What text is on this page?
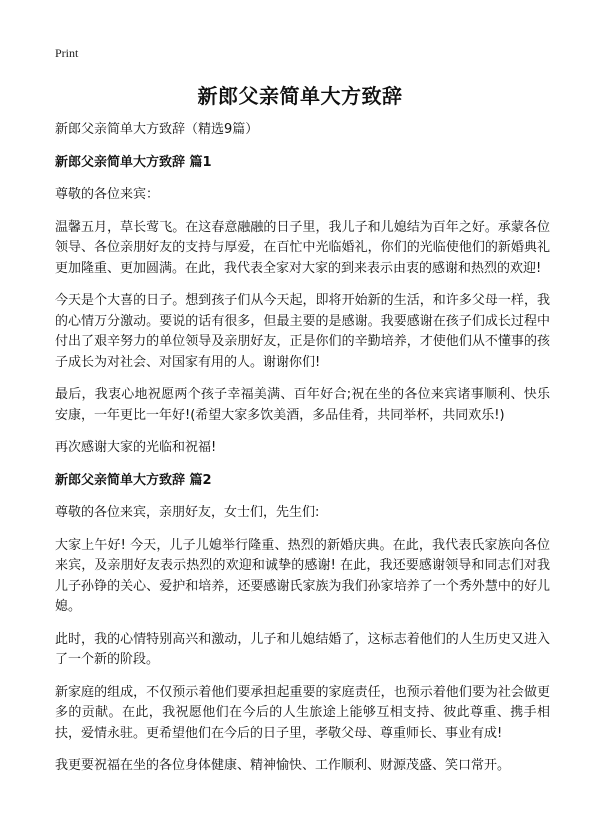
Print
新郎父亲简单大方致辞

新郎父亲简单大方致辞（精选9篇）

新郎父亲简单大方致辞 篇1

尊敬的各位来宾：

温馨五月，草长莺飞。在这春意融融的日子里，我儿子和儿媳结为百年之好。承蒙各位领导、各位亲朋好友的支持与厚爱，在百忙中光临婚礼，你们的光临使他们的新婚典礼更加隆重、更加圆满。在此，我代表全家对大家的到来表示由衷的感谢和热烈的欢迎!

今天是个大喜的日子。想到孩子们从今天起，即将开始新的生活，和许多父母一样，我的心情万分激动。要说的话有很多，但最主要的是感谢。我要感谢在孩子们成长过程中付出了艰辛努力的单位领导及亲朋好友，正是你们的辛勤培养，才使他们从不懂事的孩子成长为对社会、对国家有用的人。谢谢你们!

最后，我衷心地祝愿两个孩子幸福美满、百年好合;祝在坐的各位来宾诸事顺利、快乐安康，一年更比一年好!(希望大家多饮美酒，多品佳肴，共同举杯，共同欢乐!)

再次感谢大家的光临和祝福!

新郎父亲简单大方致辞 篇2

尊敬的各位来宾，亲朋好友，女士们，先生们:

大家上午好! 今天，儿子儿媳举行隆重、热烈的新婚庆典。在此，我代表氏家族向各位来宾，及亲朋好友表示热烈的欢迎和诚挚的感谢! 在此，我还要感谢领导和同志们对我儿子孙铮的关心、爱护和培养，还要感谢氏家族为我们孙家培养了一个秀外慧中的好儿媳。

此时，我的心情特别高兴和激动，儿子和儿媳结婚了，这标志着他们的人生历史又进入了一个新的阶段。

新家庭的组成，不仅预示着他们要承担起重要的家庭责任，也预示着他们要为社会做更多的贡献。在此，我祝愿他们在今后的人生旅途上能够互相支持、彼此尊重、携手相扶，爱情永驻。更希望他们在今后的日子里，孝敬父母、尊重师长、事业有成!

我更要祝福在坐的各位身体健康、精神愉快、工作顺利、财源茂盛、笑口常开。
